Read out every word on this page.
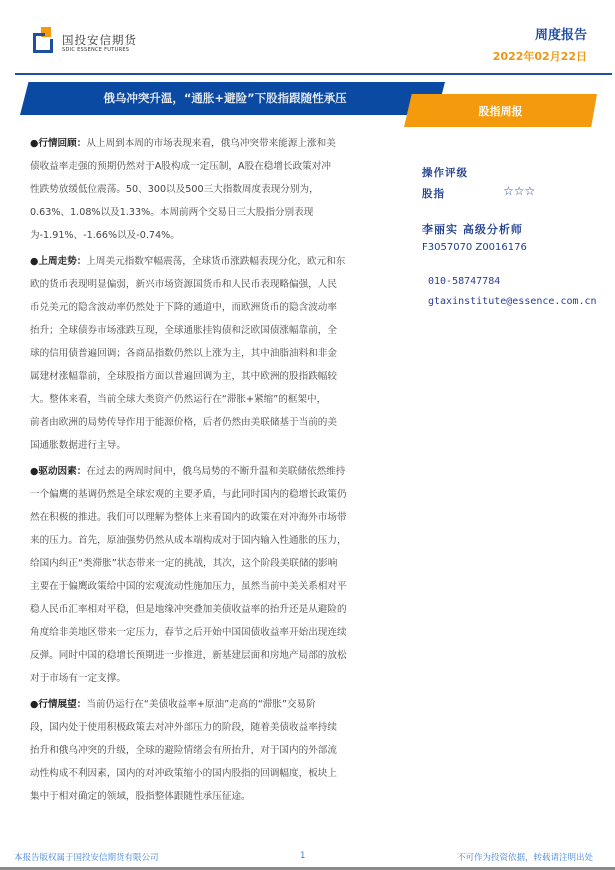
国投安信期货
SDIC ESSENCE FUTURES
周度报告
2022年02月22日
俄乌冲突升温，“通胀+避险”下股指跟随性承压
股指周报
●行情回顾：从上周到本周的市场表现来看，俄乌冲突带来能源上涨和美
债收益率走强的预期仍然对于A股构成一定压制，A股在稳增长政策对冲
性跌势放缓低位震荡。50、300以及500三大指数周度表现分别为，
0.63%、1.08%以及1.33%。本周前两个交易日三大股指分别表现
为-1.91%、-1.66%以及-0.74%。
●上周走势：上周美元指数窄幅震荡，全球货币涨跌幅表现分化，欧元和东
欧的货币表现明显偏弱，新兴市场资源国货币和人民币表现略偏强，人民
币兑美元的隐含波动率仍然处于下降的通道中，而欧洲货币的隐含波动率
抬升；全球债券市场涨跌互现，全球通胀挂钩债和泛欧国债涨幅靠前，全
球的信用债普遍回调；各商品指数仍然以上涨为主，其中油脂油料和非金
属建材涨幅靠前，全球股指方面以普遍回调为主，其中欧洲的股指跌幅较
大。整体来看，当前全球大类资产仍然运行在“滞胀+紧缩”的框架中，
前者由欧洲的局势传导作用于能源价格，后者仍然由美联储基于当前的美
国通胀数据进行主导。
●驱动因素：在过去的两周时间中，俄乌局势的不断升温和美联储依然维持
一个偏鹰的基调仍然是全球宏观的主要矛盾，与此同时国内的稳增长政策仍
然在积极的推进。我们可以理解为整体上来看国内的政策在对冲海外市场带
来的压力。首先，原油强势仍然从成本端构成对于国内输入性通胀的压力，
给国内纠正“类滞胀”状态带来一定的挑战，其次，这个阶段美联储的影响
主要在于偏鹰政策给中国的宏观流动性施加压力，虽然当前中美关系相对平
稳人民币汇率相对平稳，但是地缘冲突叠加美债收益率的抬升还是从避险的
角度给非美地区带来一定压力，春节之后开始中国国债收益率开始出现连续
反弹。同时中国的稳增长预期进一步推进，新基建层面和房地产局部的放松
对于市场有一定支撑。
●行情展望：当前仍运行在“美债收益率+原油”走高的“滞胀”交易阶
段，国内处于使用积极政策去对冲外部压力的阶段，随着美债收益率持续
抬升和俄乌冲突的升级，全球的避险情绪会有所抬升，对于国内的外部流
动性构成不利因素，国内的对冲政策缩小的国内股指的回调幅度，板块上
集中于相对确定的领域，股指整体跟随性承压征途。
操作评级
股指	☆☆☆
李丽实 高级分析师
F3057070 Z0016176
010-58747784
gtaxinstitute@essence.com.cn
本报告版权属于国投安信期货有限公司	1	不可作为投资依据，转载请注明出处
